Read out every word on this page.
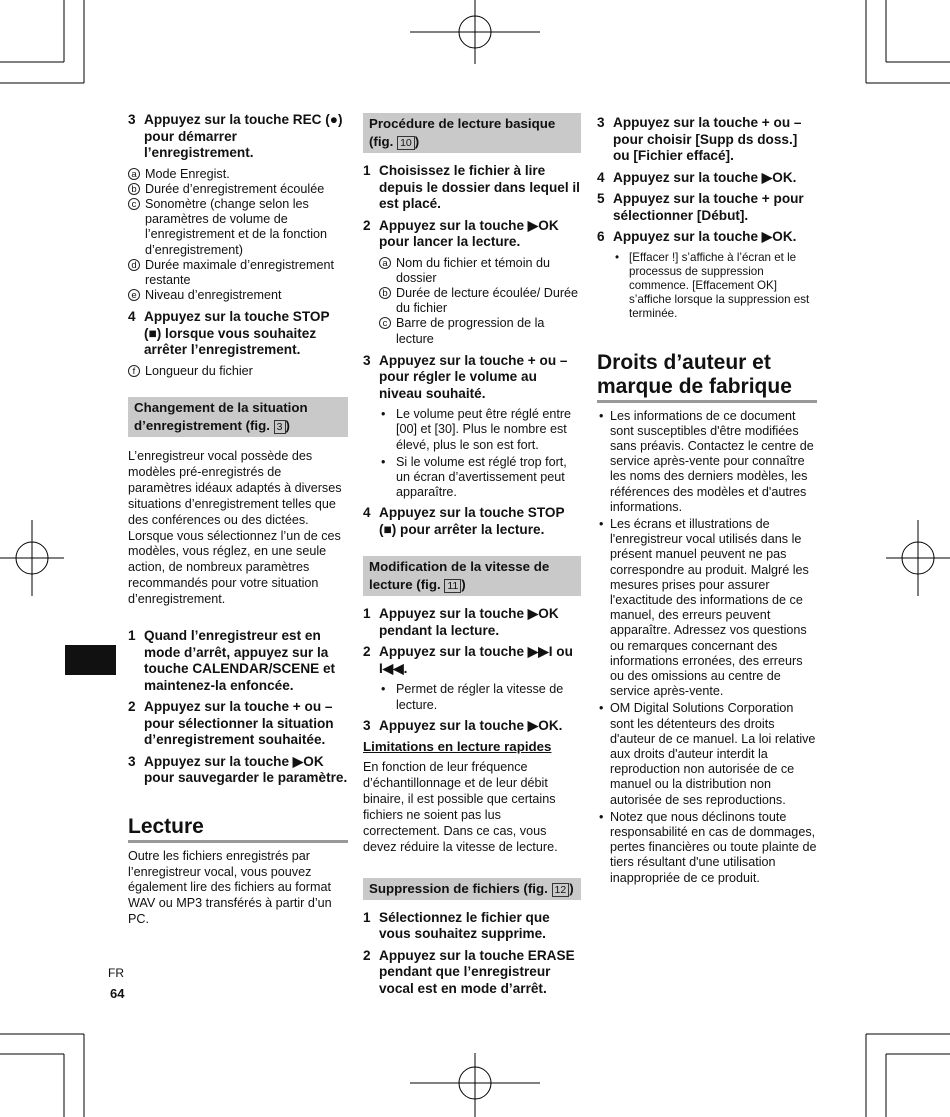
3 Appuyez sur la touche REC (●) pour démarrer l’enregistrement.
a Mode Enregist.
b Durée d’enregistrement écoulée
c Sonomètre (change selon les paramètres de volume de l’enregistrement et de la fonction d’enregistrement)
d Durée maximale d’enregistrement restante
e Niveau d’enregistrement
4 Appuyez sur la touche STOP (■) lorsque vous souhaitez arrêter l’enregistrement.
f Longueur du fichier
Changement de la situation d’enregistrement (fig. 3 )

L’enregistreur vocal possède des modèles pré-enregistrés de paramètres idéaux adaptés à diverses situations d’enregistrement telles que des conférences ou des dictées. Lorsque vous sélectionnez l’un de ces modèles, vous réglez, en une seule action, de nombreux paramètres recommandés pour votre situation d’enregistrement.

1 Quand l’enregistreur est en mode d’arrêt, appuyez sur la touche CALENDAR/SCENE et maintenez-la enfoncée.
2 Appuyez sur la touche + ou – pour sélectionner la situation d’enregistrement souhaitée.
3 Appuyez sur la touche ▶OK pour sauvegarder le paramètre.
Lecture

Outre les fichiers enregistrés par l’enregistreur vocal, vous pouvez également lire des fichiers au format WAV ou MP3 transférés à partir d’un PC.

Procédure de lecture basique (fig. 10 )
1 Choisissez le fichier à lire depuis le dossier dans lequel il est placé.
2 Appuyez sur la touche ▶OK pour lancer la lecture.
a Nom du fichier et témoin du dossier
b Durée de lecture écoulée/ Durée du fichier
c Barre de progression de la lecture
3 Appuyez sur la touche + ou – pour régler le volume au niveau souhaité.
• Le volume peut être réglé entre [00] et [30]. Plus le nombre est élevé, plus le son est fort.
• Si le volume est réglé trop fort, un écran d’avertissement peut apparaître.
4 Appuyez sur la touche STOP (■) pour arrêter la lecture.
Modification de la vitesse de lecture (fig. 11 )
1 Appuyez sur la touche ▶OK pendant la lecture.
2 Appuyez sur la touche ▶▶I ou I◀◀.
• Permet de régler la vitesse de lecture.
3 Appuyez sur la touche ▶OK.
Limitations en lecture rapides

En fonction de leur fréquence d’échantillonnage et de leur débit binaire, il est possible que certains fichiers ne soient pas lus correctement. Dans ce cas, vous devez réduire la vitesse de lecture.

Suppression de fichiers (fig. 12 )
1 Sélectionnez le fichier que vous souhaitez supprime.
2 Appuyez sur la touche ERASE pendant que l’enregistreur vocal est en mode d’arrêt.
3 Appuyez sur la touche + ou – pour choisir [Supp ds doss.] ou [Fichier effacé].
4 Appuyez sur la touche ▶OK.
5 Appuyez sur la touche + pour sélectionner [Début].
6 Appuyez sur la touche ▶OK.
• [Effacer !] s’affiche à l’écran et le processus de suppression commence. [Effacement OK] s’affiche lorsque la suppression est terminée.
Droits d’auteur et marque de fabrique
• Les informations de ce document sont susceptibles d'être modifiées sans préavis. Contactez le centre de service après-vente pour connaître les noms des derniers modèles, les références des modèles et d'autres informations.
• Les écrans et illustrations de l'enregistreur vocal utilisés dans le présent manuel peuvent ne pas correspondre au produit. Malgré les mesures prises pour assurer l'exactitude des informations de ce manuel, des erreurs peuvent apparaître. Adressez vos questions ou remarques concernant des informations erronées, des erreurs ou des omissions au centre de service après-vente.
• OM Digital Solutions Corporation sont les détenteurs des droits d'auteur de ce manuel. La loi relative aux droits d'auteur interdit la reproduction non autorisée de ce manuel ou la distribution non autorisée de ses reproductions.
• Notez que nous déclinons toute responsabilité en cas de dommages, pertes financières ou toute plainte de tiers résultant d'une utilisation inappropriée de ce produit.
FR
64
